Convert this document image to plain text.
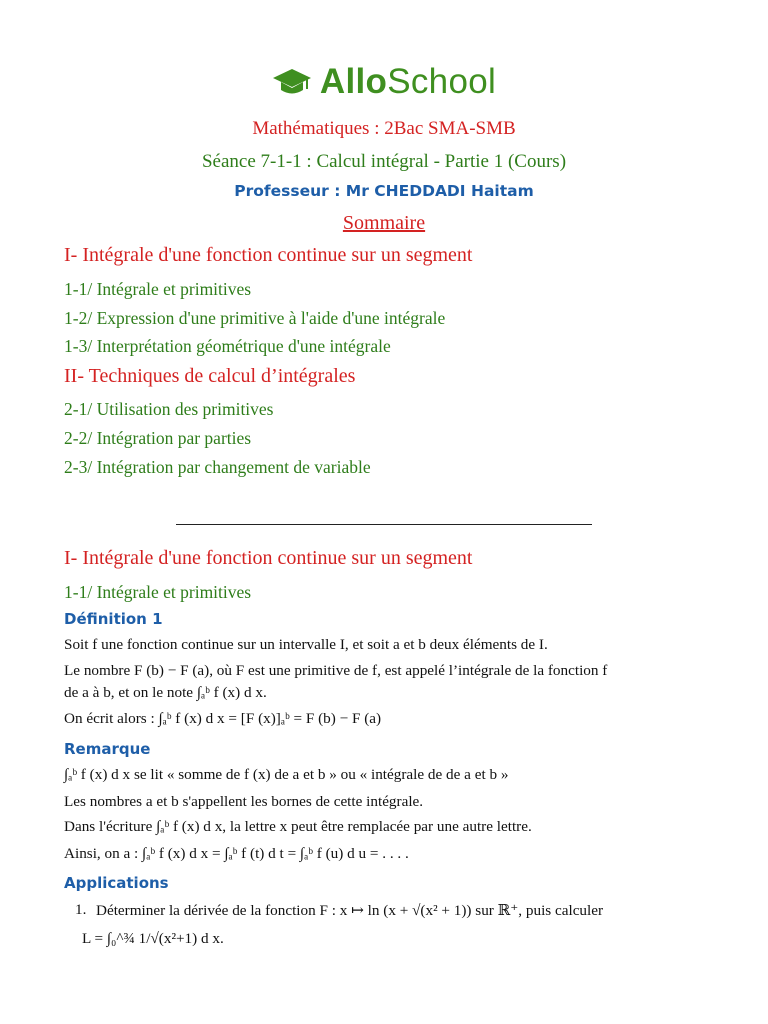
AlloSchool
Mathématiques : 2Bac SMA-SMB
Séance 7-1-1 : Calcul intégral - Partie 1 (Cours)
Professeur : Mr CHEDDADI Haitam
Sommaire
I- Intégrale d'une fonction continue sur un segment
1-1/ Intégrale et primitives
1-2/ Expression d'une primitive à l'aide d'une intégrale
1-3/ Interprétation géométrique d'une intégrale
II- Techniques de calcul d’intégrales
2-1/ Utilisation des primitives
2-2/ Intégration par parties
2-3/ Intégration par changement de variable
I- Intégrale d'une fonction continue sur un segment
1-1/ Intégrale et primitives
Définition 1
Soit f une fonction continue sur un intervalle I, et soit a et b deux éléments de I.
Le nombre F (b) − F (a), où F est une primitive de f, est appelé l’intégrale de la fonction f
de a à b, et on le note ∫ₐᵇ f (x) d x.
On écrit alors : ∫ₐᵇ f (x) d x = [F (x)]ₐᵇ = F (b) − F (a)
Remarque
∫ₐᵇ f (x) d x se lit « somme de f (x) de a et b » ou « intégrale de de a et b »
Les nombres a et b s'appellent les bornes de cette intégrale.
Dans l'écriture ∫ₐᵇ f (x) d x, la lettre x peut être remplacée par une autre lettre.
Ainsi, on a : ∫ₐᵇ f (x) d x = ∫ₐᵇ f (t) d t = ∫ₐᵇ f (u) d u = . . . .
Applications
1. Déterminer la dérivée de la fonction F : x ↦ ln (x + √(x² + 1)) sur ℝ⁺, puis calculer
L = ∫₀^¾ 1/√(x²+1) d x.
